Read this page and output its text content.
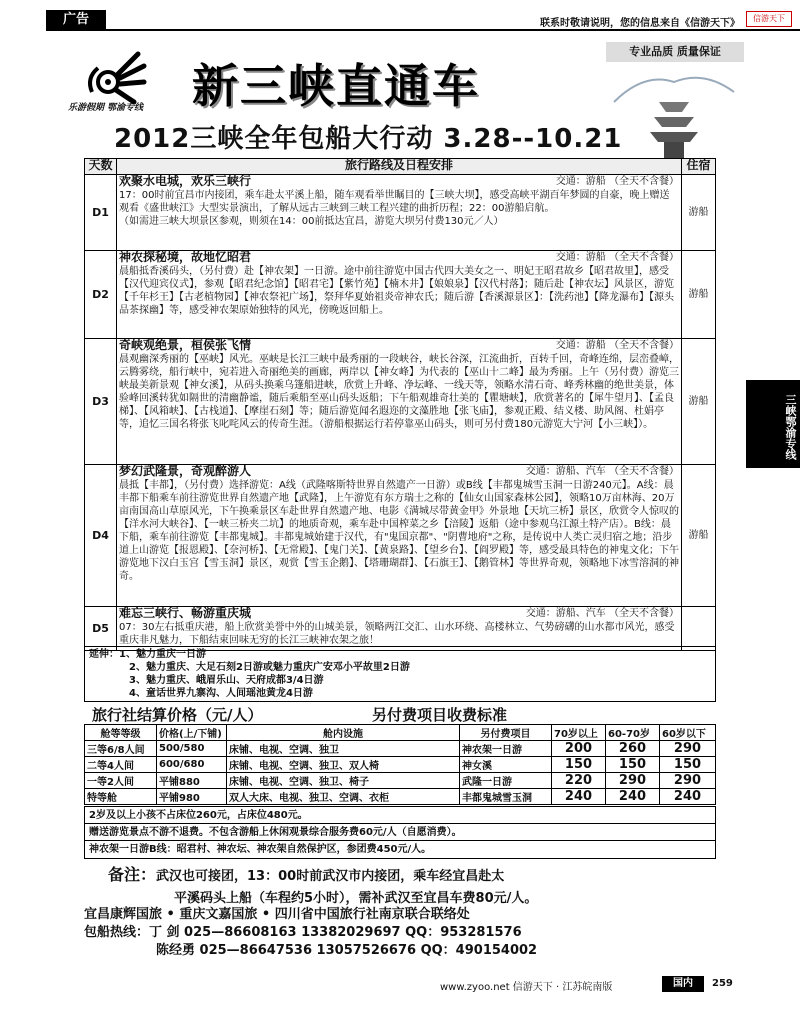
广告	联系时敬请说明，您的信息来自《信游天下》	信游天下
乐游假期 鄂渝专线 新三峡直通车
专业品质 质量保证
2012三峡全年包船大行动 3.28--10.21
三峡鄂渝专线
天数	旅行路线及日程安排	住宿
D1	欢聚水电城，欢乐三峡行 交通：游船 （全天不含餐）
17：00时前宜昌市内接团，乘车赴太平溪上船，随车观看举世瞩目的【三峡大坝】，感受高峡平湖百年梦圆的自豪，晚上赠送观看《盛世峡江》大型实景演出，了解从远古三峡到三峡工程兴建的曲折历程；22：00游船启航。
（如需进三峡大坝景区参观，则须在14：00前抵达宜昌，游览大坝另付费130元／人）	游船
D2	神农探秘境，故地忆昭君 交通：游船 （全天不含餐）
晨船抵香溪码头，（另付费）赴【神农架】一日游。途中前往游览中国古代四大美女之一、明妃王昭君故乡【昭君故里】，感受【汉代迎宾仪式】，参观【昭君纪念馆】【昭君宅】【紫竹苑】【楠木井】【娘娘泉】【汉代村落】；随后赴【神农坛】风景区，游览【千年杉王】【古老植物园】【神农祭祀广场】，祭拜华夏始祖炎帝神农氏；随后游【香溪源景区】：【洗药池】【降龙瀑布】【源头品茶探幽】等，感受神农架原始独特的风光，傍晚返回船上。	游船
D3	奇峡观绝景，桓侯张飞情 交通：游船 （全天不含餐）
晨观幽深秀丽的【巫峡】风光。巫峡是长江三峡中最秀丽的一段峡谷，峡长谷深，江流曲折，百转千回，奇峰连绵，层峦叠嶂，云腾雾绕，船行峡中，宛若进入奇丽绝美的画廊，两岸以【神女峰】为代表的【巫山十二峰】最为秀丽。上午（另付费）游览三峡最美新景观【神女溪】，从码头换乘乌篷船进峡，欣赏上升峰、净坛峰、一线天等，领略水清石奇、峰秀林幽的绝世美景，体验峰回溪转犹如隔世的清幽静谧，随后乘船至巫山码头返船；下午船观雄奇壮美的【瞿塘峡】，欣赏著名的【犀牛望月】、【孟良梯】、【风箱峡】、【古栈道】、【摩崖石刻】等；随后游览闻名遐迩的文藻胜地【张飞庙】，参观正殿、结义楼、助风阁、杜娟亭等，追忆三国名将张飞叱咤风云的传奇生涯。（游船根据运行若停靠巫山码头，则可另付费180元游览大宁河【小三峡】）。	游船
D4	梦幻武隆景，奇观醉游人 交通：游船、汽车 （全天不含餐）
晨抵【丰都】，（另付费）选择游览：A线（武隆喀斯特世界自然遗产一日游）或B线【丰都鬼城雪玉洞一日游240元】。A线：晨丰都下船乘车前往游览世界自然遗产地【武隆】，上午游览有东方瑞士之称的【仙女山国家森林公园】，领略10万亩林海、20万亩南国高山草原风光，下午换乘景区车赴世界自然遗产地、电影《满城尽带黄金甲》外景地【天坑三桥】景区，欣赏令人惊叹的【洋水河大峡谷】、【一峡三桥夹二坑】的地质奇观，乘车赴中国榨菜之乡【涪陵】返船（途中参观乌江源土特产店）。B线：晨下船，乘车前往游览【丰都鬼城】。丰都鬼城始建于汉代，有"鬼国京都"、"阴曹地府"之称，是传说中人类亡灵归宿之地；沿步道上山游览【报恩殿】、【奈河桥】、【无常殿】、【鬼门关】、【黄泉路】、【望乡台】、【阎罗殿】等，感受最具特色的神鬼文化；下午游览地下汉白玉宫【雪玉洞】景区，观赏【雪玉企鹅】、【塔珊瑚群】、【石旗王】、【鹅管林】等世界奇观，领略地下冰雪溶洞的神奇。	游船
D5	难忘三峡行、畅游重庆城 交通：游船、汽车 （全天不含餐）
07：30左右抵重庆港，船上欣赏美誉中外的山城美景，领略两江交汇、山水环绕、高楼林立、气势磅礴的山水都市风光，感受重庆非凡魅力，下船结束回味无穷的长江三峡神农架之旅！	

延伸：1、魅力重庆一日游
2、魅力重庆、大足石刻2日游或魅力重庆广安邓小平故里2日游
3、魅力重庆、峨眉乐山、天府成都3/4日游
4、童话世界九寨沟、人间瑶池黄龙4日游
旅行社结算价格（元/人）	另付费项目收费标准
舱等等级	价格(上/下铺)	舱内设施	另付费项目	70岁以上	60-70岁	60岁以下
三等6/8人间	500/580	床铺、电视、空调、独卫	神农架一日游	200	260	290
二等4人间	600/680	床铺、电视、空调、独卫、双人椅	神女溪	150	150	150
一等2人间	平铺880	床铺、电视、空调、独卫、椅子	武隆一日游	220	290	290
特等舱	平铺980	双人大床、电视、独卫、空调、衣柜	丰都鬼城雪玉洞	240	240	240
2岁及以上小孩不占床位260元，占床位480元。
赠送游览景点不游不退费。不包含游船上休闲观景综合服务费60元/人（自愿消费）。
神农架一日游B线：昭君村、神农坛、神农架自然保护区，参团费450元/人。
备注：武汉也可接团，13：00时前武汉市内接团，乘车经宜昌赴太
平溪码头上船（车程约5小时），需补武汉至宜昌车费80元/人。
宜昌康辉国旅 • 重庆文嘉国旅 • 四川省中国旅行社南京联合联络处
包船热线：丁 剑 025—86608163 13382029697 QQ：953281576
陈经勇 025—86647536 13057526676 QQ：490154002
www.zyoo.net 信游天下 · 江苏皖南版	国内	259
